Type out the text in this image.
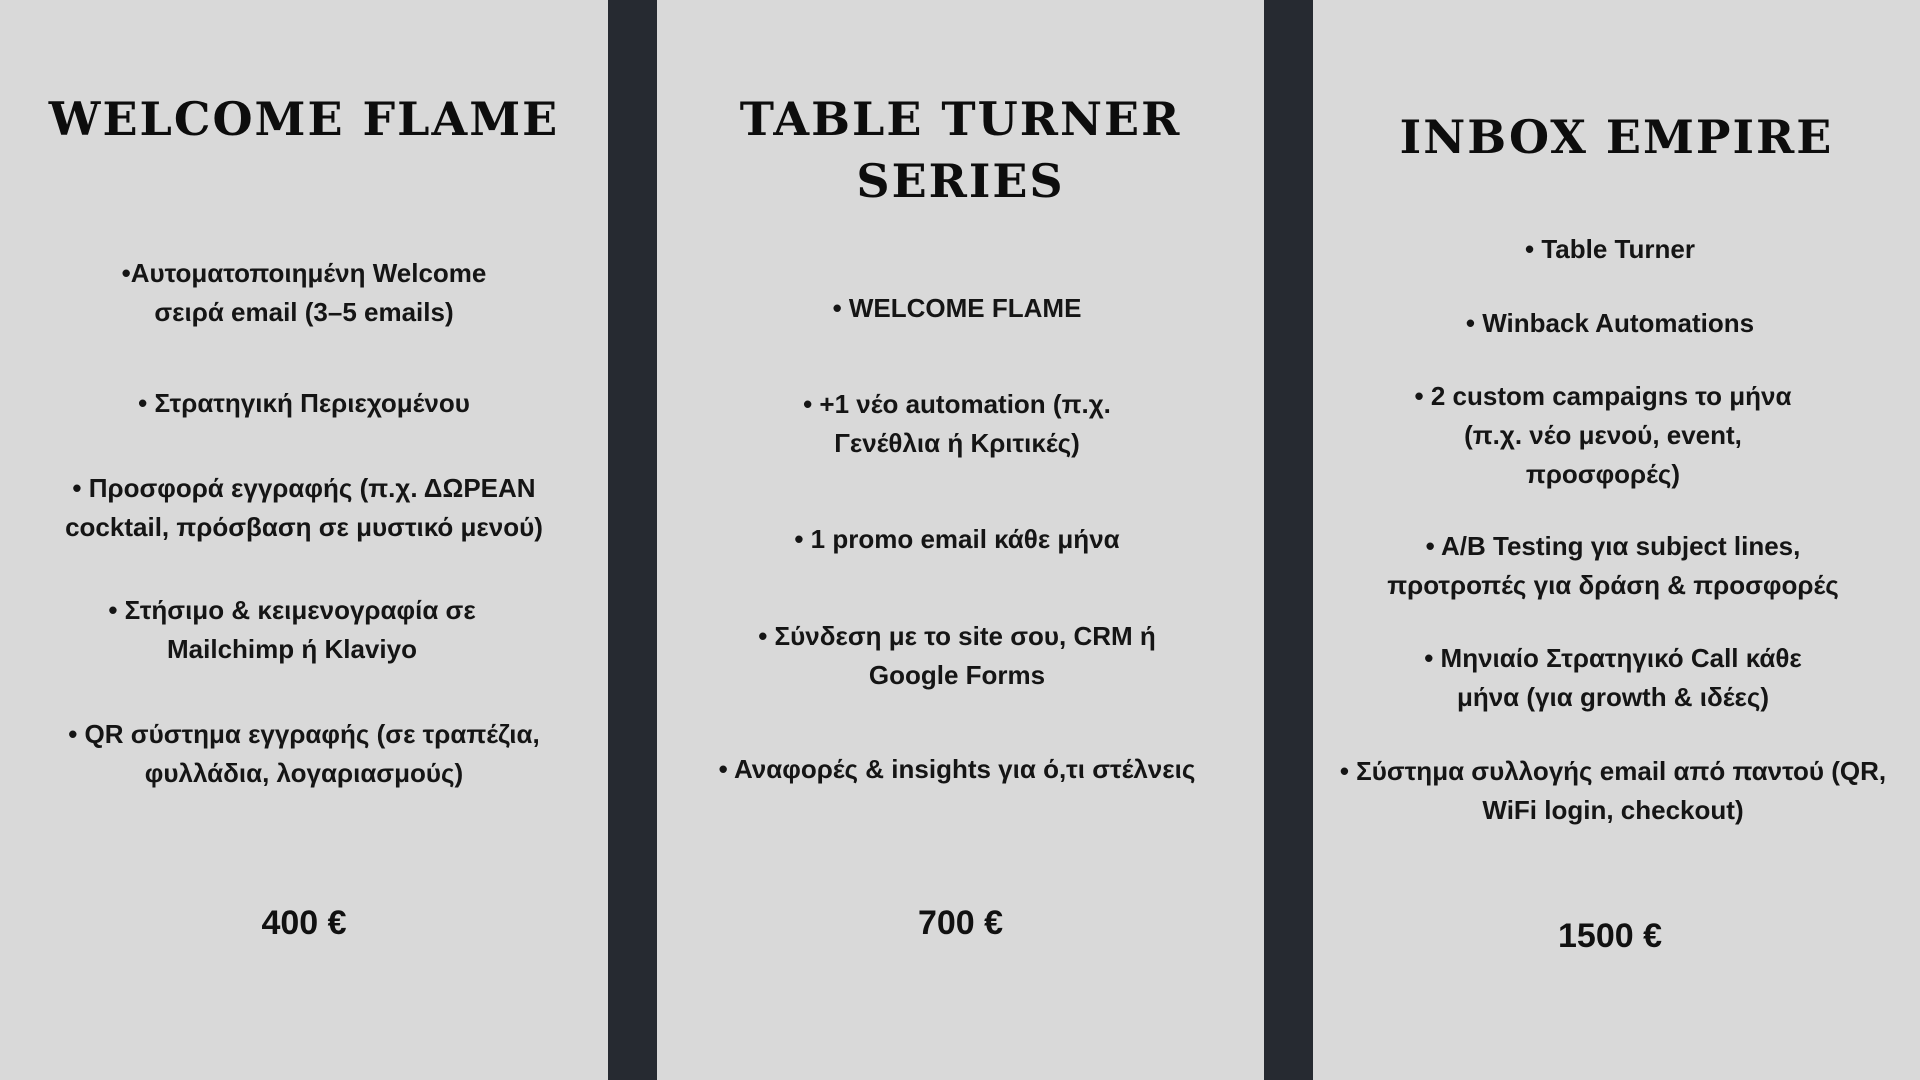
WELCOME FLAME

•Αυτοματοποιημένη Welcome
σειρά email (3–5 emails)

• Στρατηγική Περιεχομένου

• Προσφορά εγγραφής (π.χ. ΔΩΡΕΑΝ
cocktail, πρόσβαση σε μυστικό μενού)

• Στήσιμο & κειμενογραφία σε
Mailchimp ή Klaviyo

• QR σύστημα εγγραφής (σε τραπέζια,
φυλλάδια, λογαριασμούς)

400 €
TABLE TURNER
SERIES

• WELCOME FLAME

• +1 νέο automation (π.χ.
Γενέθλια ή Κριτικές)

• 1 promo email κάθε μήνα

• Σύνδεση με το site σου, CRM ή
Google Forms

• Αναφορές & insights για ό,τι στέλνεις

700 €
INBOX EMPIRE

• Table Turner

• Winback Automations

• 2 custom campaigns το μήνα
(π.χ. νέο μενού, event,
προσφορές)

• A/B Testing για subject lines,
προτροπές για δράση & προσφορές

• Μηνιαίο Στρατηγικό Call κάθε
μήνα (για growth & ιδέες)

• Σύστημα συλλογής email από παντού (QR,
WiFi login, checkout)

1500 €
